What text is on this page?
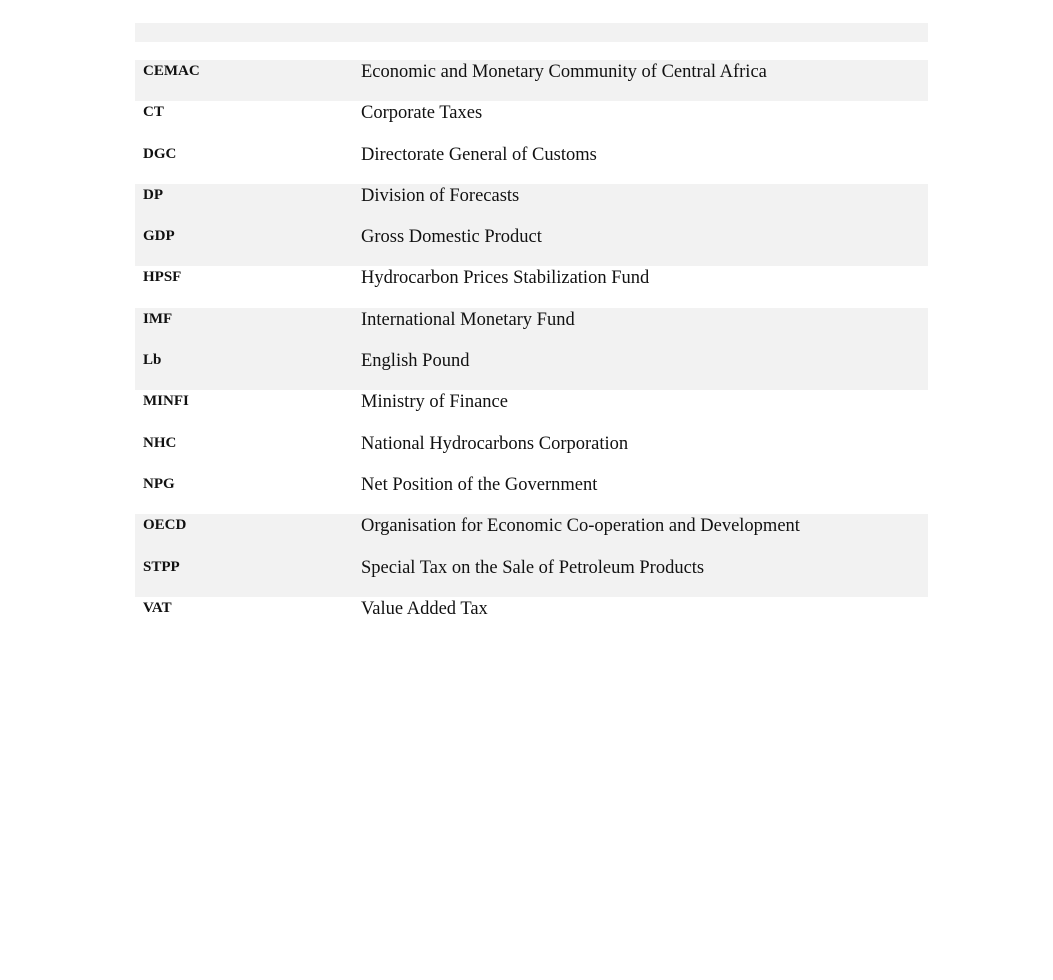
CEMAC	Economic and Monetary Community of Central Africa
CT	Corporate Taxes
DGC	Directorate General of Customs
DP	Division of Forecasts
GDP	Gross Domestic Product
HPSF	Hydrocarbon Prices Stabilization Fund
IMF	International Monetary Fund
Lb	English Pound
MINFI	Ministry of Finance
NHC	National Hydrocarbons Corporation
NPG	Net Position of the Government
OECD	Organisation for Economic Co-operation and Development
STPP	Special Tax on the Sale of Petroleum Products
VAT	Value Added Tax
